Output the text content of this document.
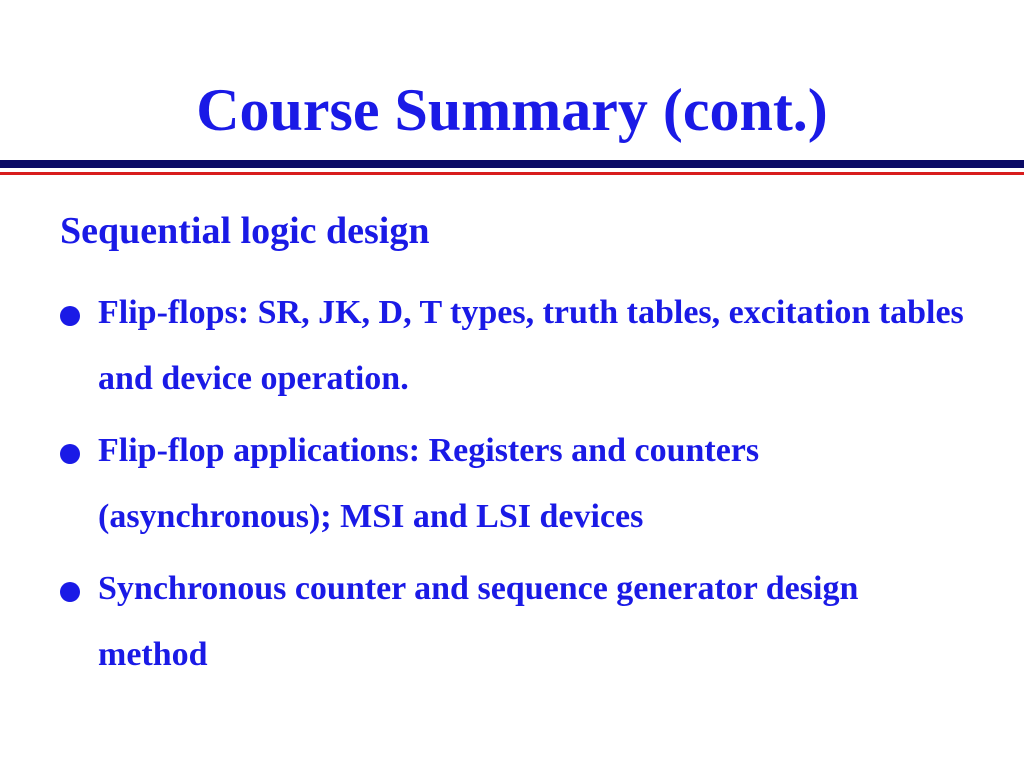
Course Summary (cont.)
Sequential logic design
Flip-flops: SR, JK, D, T types, truth tables, excitation tables and device operation.
Flip-flop applications: Registers and counters (asynchronous); MSI and LSI devices
Synchronous counter and sequence generator design method
